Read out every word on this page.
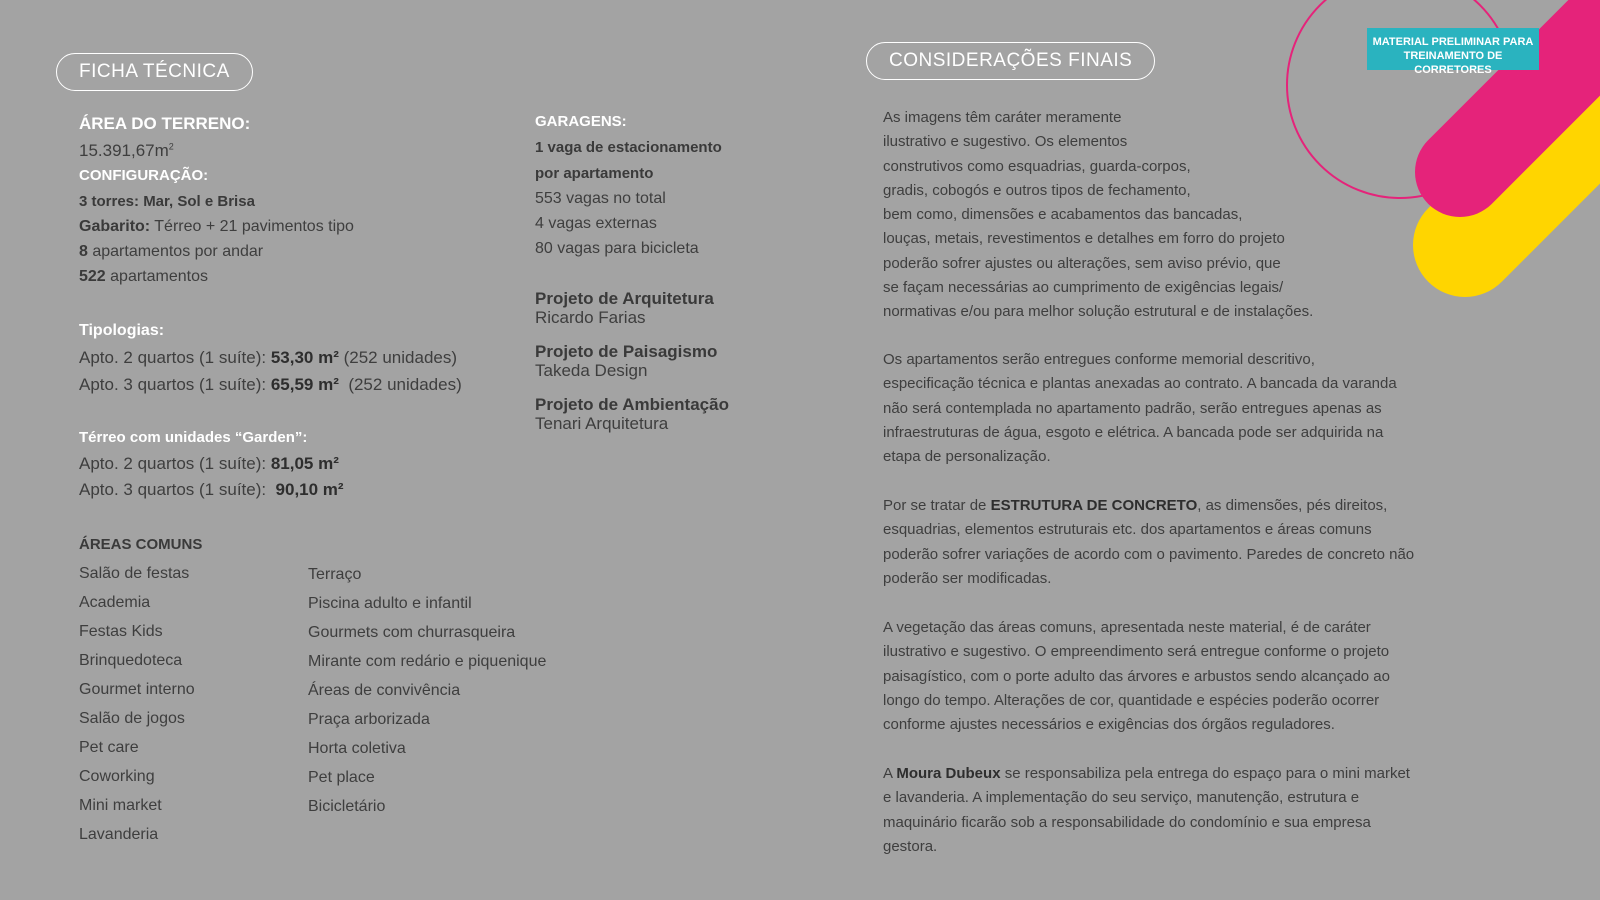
MATERIAL PRELIMINAR PARA
TREINAMENTO DE CORRETORES
FICHA TÉCNICA
ÁREA DO TERRENO:
$15.391,67m^2$
CONFIGURAÇÃO:
3 torres: Mar, Sol e Brisa
Gabarito: Térreo + 21 pavimentos tipo
8 apartamentos por andar
522 apartamentos
Tipologias:
Apto. 2 quartos (1 suíte): 53,30 m² (252 unidades)
Apto. 3 quartos (1 suíte): 65,59 m²  (252 unidades)
Térreo com unidades “Garden”:
Apto. 2 quartos (1 suíte): 81,05 m²
Apto. 3 quartos (1 suíte):  90,10 m²
ÁREAS COMUNS
Salão de festas
Academia
Festas Kids
Brinquedoteca
Gourmet interno
Salão de jogos
Pet care
Coworking
Mini market
Lavanderia
Terraço
Piscina adulto e infantil
Gourmets com churrasqueira
Mirante com redário e piquenique
Áreas de convivência
Praça arborizada
Horta coletiva
Pet place
Bicicletário
GARAGENS:
1 vaga de estacionamento
por apartamento
553 vagas no total
4 vagas externas
80 vagas para bicicleta
Projeto de Arquitetura
Ricardo Farias
Projeto de Paisagismo
Takeda Design
Projeto de Ambientação
Tenari Arquitetura
CONSIDERAÇÕES FINAIS
As imagens têm caráter meramente
ilustrativo e sugestivo. Os elementos
construtivos como esquadrias, guarda-corpos,
gradis, cobogós e outros tipos de fechamento,
bem como, dimensões e acabamentos das bancadas,
louças, metais, revestimentos e detalhes em forro do projeto
poderão sofrer ajustes ou alterações, sem aviso prévio, que
se façam necessárias ao cumprimento de exigências legais/
normativas e/ou para melhor solução estrutural e de instalações.
Os apartamentos serão entregues conforme memorial descritivo,
especificação técnica e plantas anexadas ao contrato. A bancada da varanda
não será contemplada no apartamento padrão, serão entregues apenas as
infraestruturas de água, esgoto e elétrica. A bancada pode ser adquirida na
etapa de personalização.
Por se tratar de ESTRUTURA DE CONCRETO, as dimensões, pés direitos,
esquadrias, elementos estruturais etc. dos apartamentos e áreas comuns
poderão sofrer variações de acordo com o pavimento. Paredes de concreto não
poderão ser modificadas.
A vegetação das áreas comuns, apresentada neste material, é de caráter
ilustrativo e sugestivo. O empreendimento será entregue conforme o projeto
paisagístico, com o porte adulto das árvores e arbustos sendo alcançado ao
longo do tempo. Alterações de cor, quantidade e espécies poderão ocorrer
conforme ajustes necessários e exigências dos órgãos reguladores.
A Moura Dubeux se responsabiliza pela entrega do espaço para o mini market
e lavanderia. A implementação do seu serviço, manutenção, estrutura e
maquinário ficarão sob a responsabilidade do condomínio e sua empresa
gestora.
